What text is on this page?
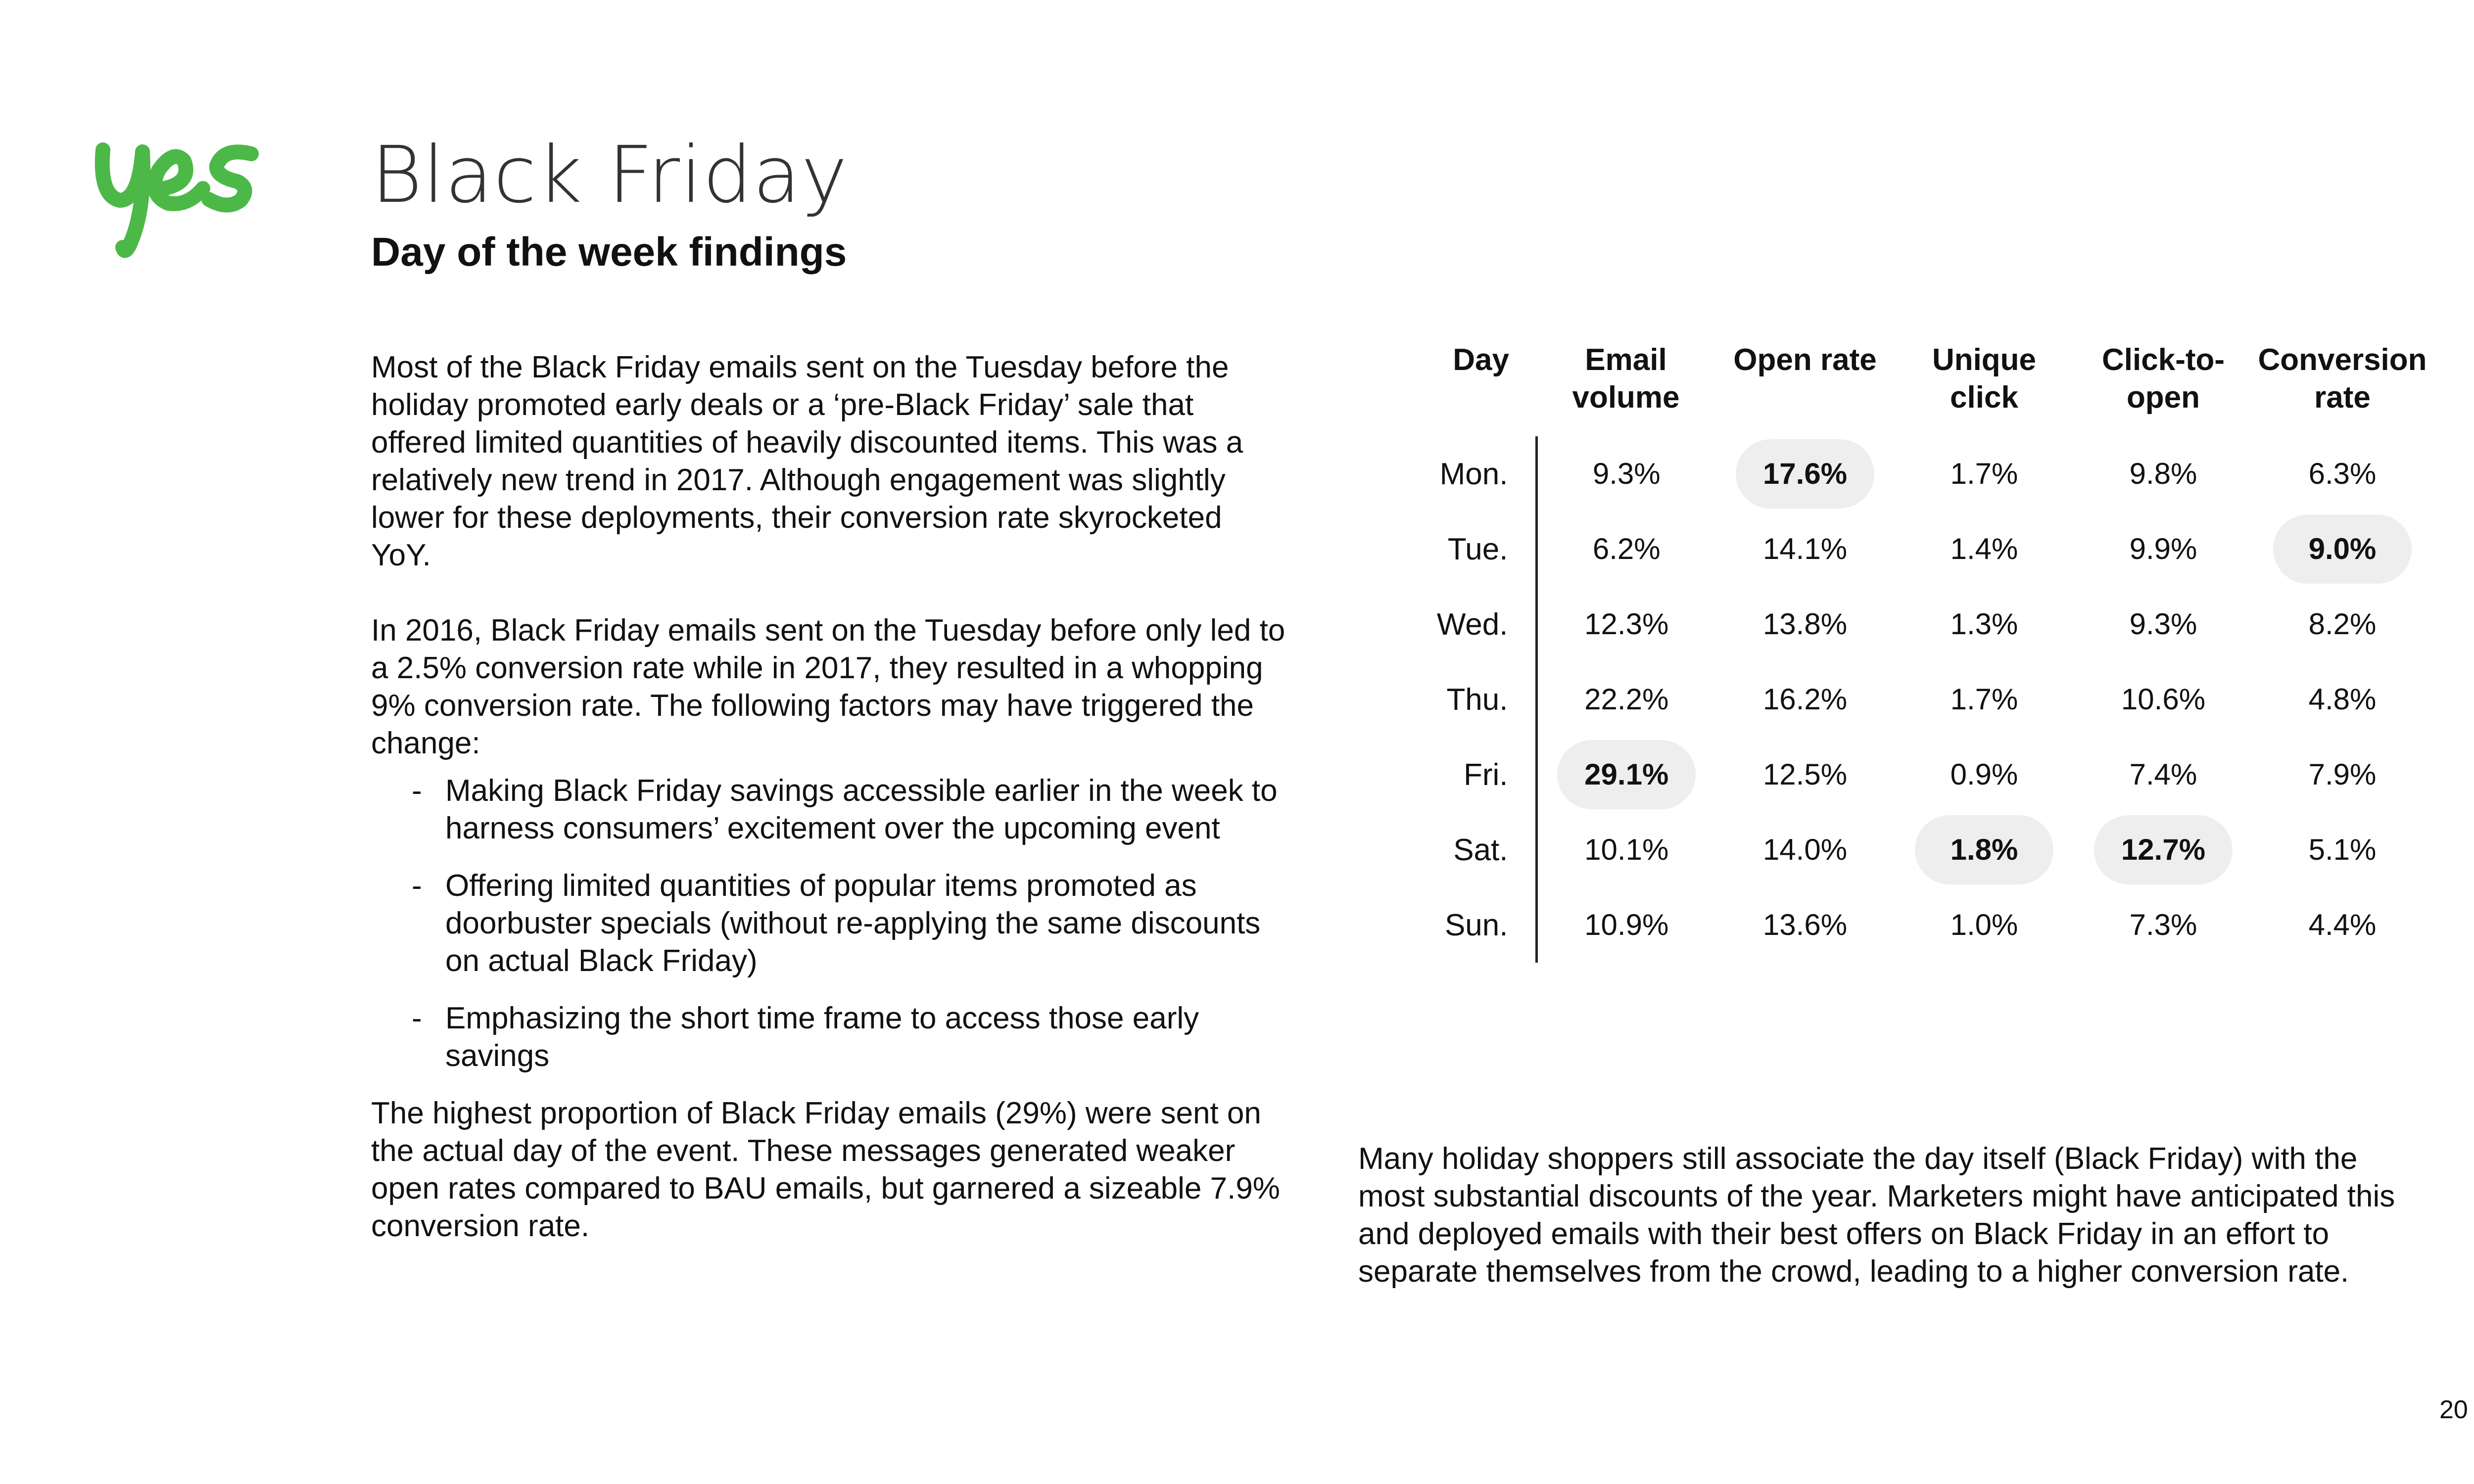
Black Friday
Day of the week findings

Most of the Black Friday emails sent on the Tuesday before the holiday promoted early deals or a ‘pre-Black Friday’ sale that offered limited quantities of heavily discounted items. This was a relatively new trend in 2017. Although engagement was slightly lower for these deployments, their conversion rate skyrocketed YoY.

In 2016, Black Friday emails sent on the Tuesday before only led to a 2.5% conversion rate while in 2017, they resulted in a whopping 9% conversion rate. The following factors may have triggered the change:

- Making Black Friday savings accessible earlier in the week to harness consumers’ excitement over the upcoming event
- Offering limited quantities of popular items promoted as doorbuster specials (without re-applying the same discounts on actual Black Friday)
- Emphasizing the short time frame to access those early savings

The highest proportion of Black Friday emails (29%) were sent on the actual day of the event. These messages generated weaker open rates compared to BAU emails, but garnered a sizeable 7.9% conversion rate.

Day	Email volume	Open rate	Unique click	Click-to-open	Conversion rate
Mon.	9.3%	17.6%	1.7%	9.8%	6.3%
Tue.	6.2%	14.1%	1.4%	9.9%	9.0%
Wed.	12.3%	13.8%	1.3%	9.3%	8.2%
Thu.	22.2%	16.2%	1.7%	10.6%	4.8%
Fri.	29.1%	12.5%	0.9%	7.4%	7.9%
Sat.	10.1%	14.0%	1.8%	12.7%	5.1%
Sun.	10.9%	13.6%	1.0%	7.3%	4.4%

Many holiday shoppers still associate the day itself (Black Friday) with the most substantial discounts of the year. Marketers might have anticipated this and deployed emails with their best offers on Black Friday in an effort to separate themselves from the crowd, leading to a higher conversion rate.

20
